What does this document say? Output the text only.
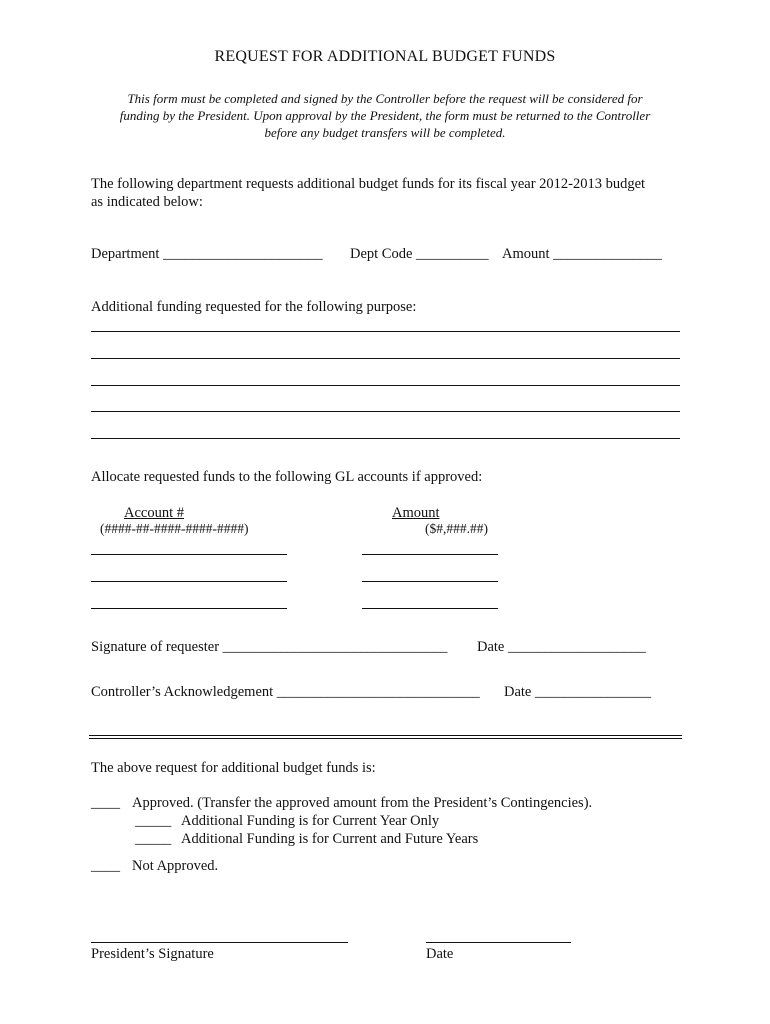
REQUEST FOR ADDITIONAL BUDGET FUNDS
This form must be completed and signed by the Controller before the request will be considered for
funding by the President. Upon approval by the President, the form must be returned to the Controller
before any budget transfers will be completed.
The following department requests additional budget funds for its fiscal year 2012-2013 budget
as indicated below:
Department ______________________ Dept Code __________ Amount _______________
Additional funding requested for the following purpose:
Allocate requested funds to the following GL accounts if approved:
Account #
(####-##-####-####-####)
Amount
($#,###.##)
Signature of requester _______________________________ Date ___________________
Controller’s Acknowledgement ____________________________ Date ________________
The above request for additional budget funds is:
____ Approved. (Transfer the approved amount from the President’s Contingencies).
_____ Additional Funding is for Current Year Only
_____ Additional Funding is for Current and Future Years
____ Not Approved.
President’s Signature	Date
